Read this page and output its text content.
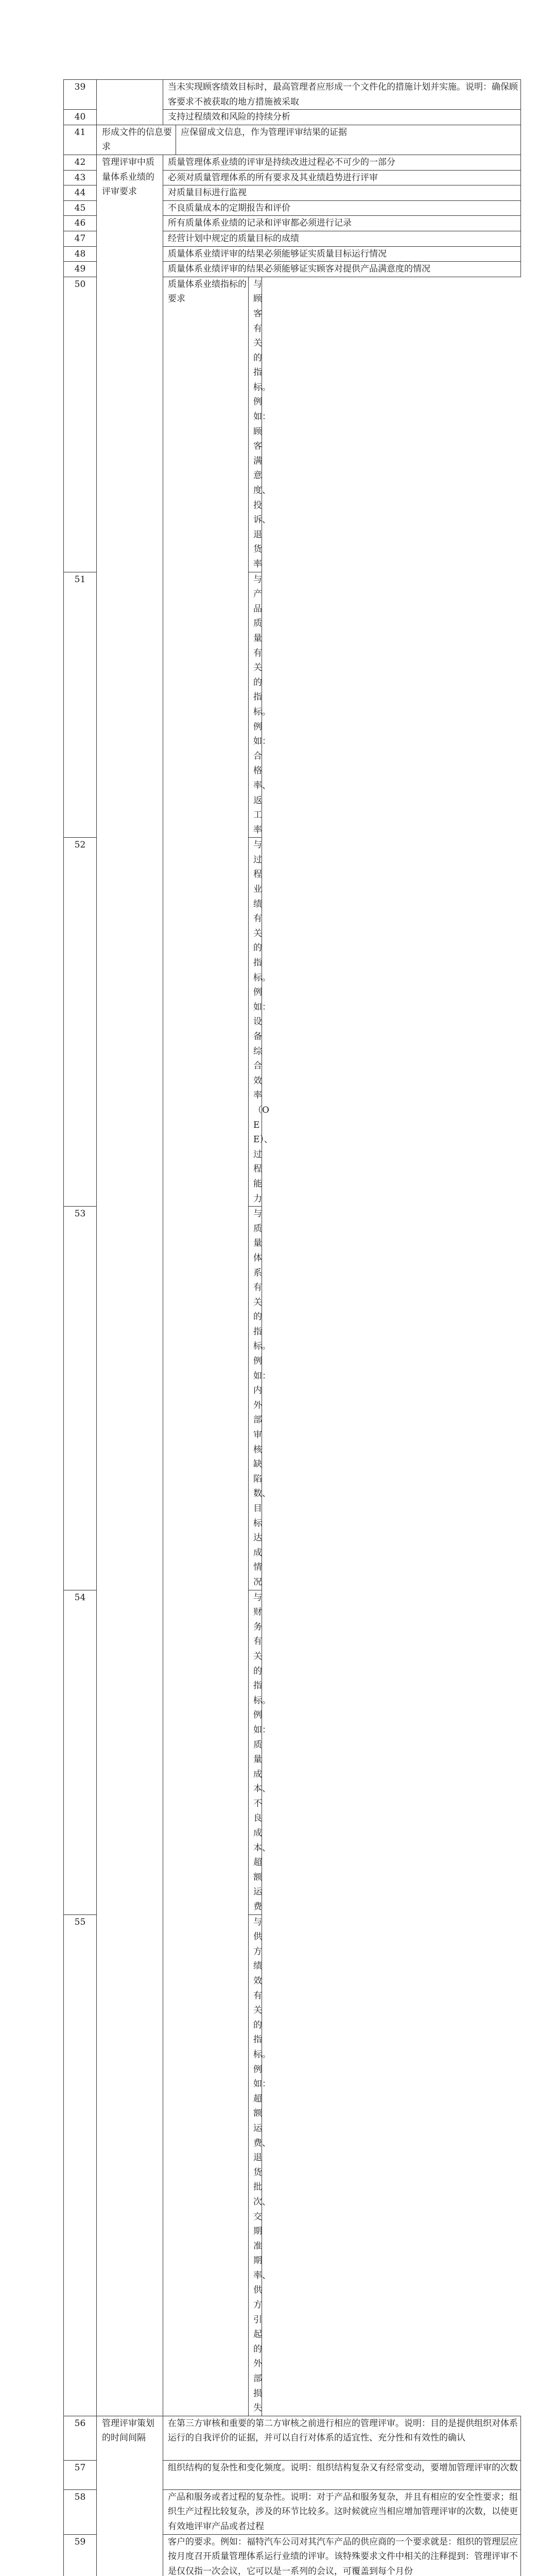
39		当未实现顾客绩效目标时，最高管理者应形成一个文件化的措施计划并实施。说明：确保顾客要求不被获取的地方措施被采取		
40		支持过程绩效和风险的持续分析		
41	形成文件的信息要求		应保留成文信息，作为管理评审结果的证据	
42	管理评审中质量体系业绩的评审要求	质量管理体系业绩的评审是持续改进过程必不可少的一部分		
43		必须对质量管理体系的所有要求及其业绩趋势进行评审		
44		对质量目标进行监视		
45		不良质量成本的定期报告和评价		
46		所有质量体系业绩的记录和评审都必须进行记录		
47		经营计划中规定的质量目标的成绩		
48		质量体系业绩评审的结果必须能够证实质量目标运行情况		
49		质量体系业绩评审的结果必须能够证实顾客对提供产品满意度的情况		
50		质量体系业绩指标的要求		与顾客有关的指标。例如：顾客满意度、投诉、退货率
51				与产品质量有关的指标。例如：合格率、返工率
52				与过程业绩有关的指标。例如：设备综合效率（OEE）、过程能力
53				与质量体系有关的指标。例如：内外部审核缺陷数、目标达成情况
54				与财务有关的指标。例如：质量成本、不良成本、超额运费
55				与供方绩效有关的指标。例如：超额运费、退货批次、交期准期率、供方引起的外部损失
56	管理评审策划的时间间隔	在第三方审核和重要的第二方审核之前进行相应的管理评审。说明：目的是提供组织对体系运行的自我评价的证据，并可以自行对体系的适宜性、充分性和有效性的确认		
57		组织结构的复杂性和变化频度。说明：组织结构复杂又有经常变动，要增加管理评审的次数		
58		产品和服务或者过程的复杂性。说明：对于产品和服务复杂，并且有相应的安全性要求；组织生产过程比较复杂，涉及的环节比较多。这时候就应当相应增加管理评审的次数，以使更有效地评审产品或者过程		
59		客户的要求。例如：福特汽车公司对其汽车产品的供应商的一个要求就是：组织的管理层应按月度召开质量管理体系运行业绩的评审。该特殊要求文件中相关的注释提到：管理评审不是仅仅指一次会议，它可以是一系列的会议，可覆盖到每个月份		
